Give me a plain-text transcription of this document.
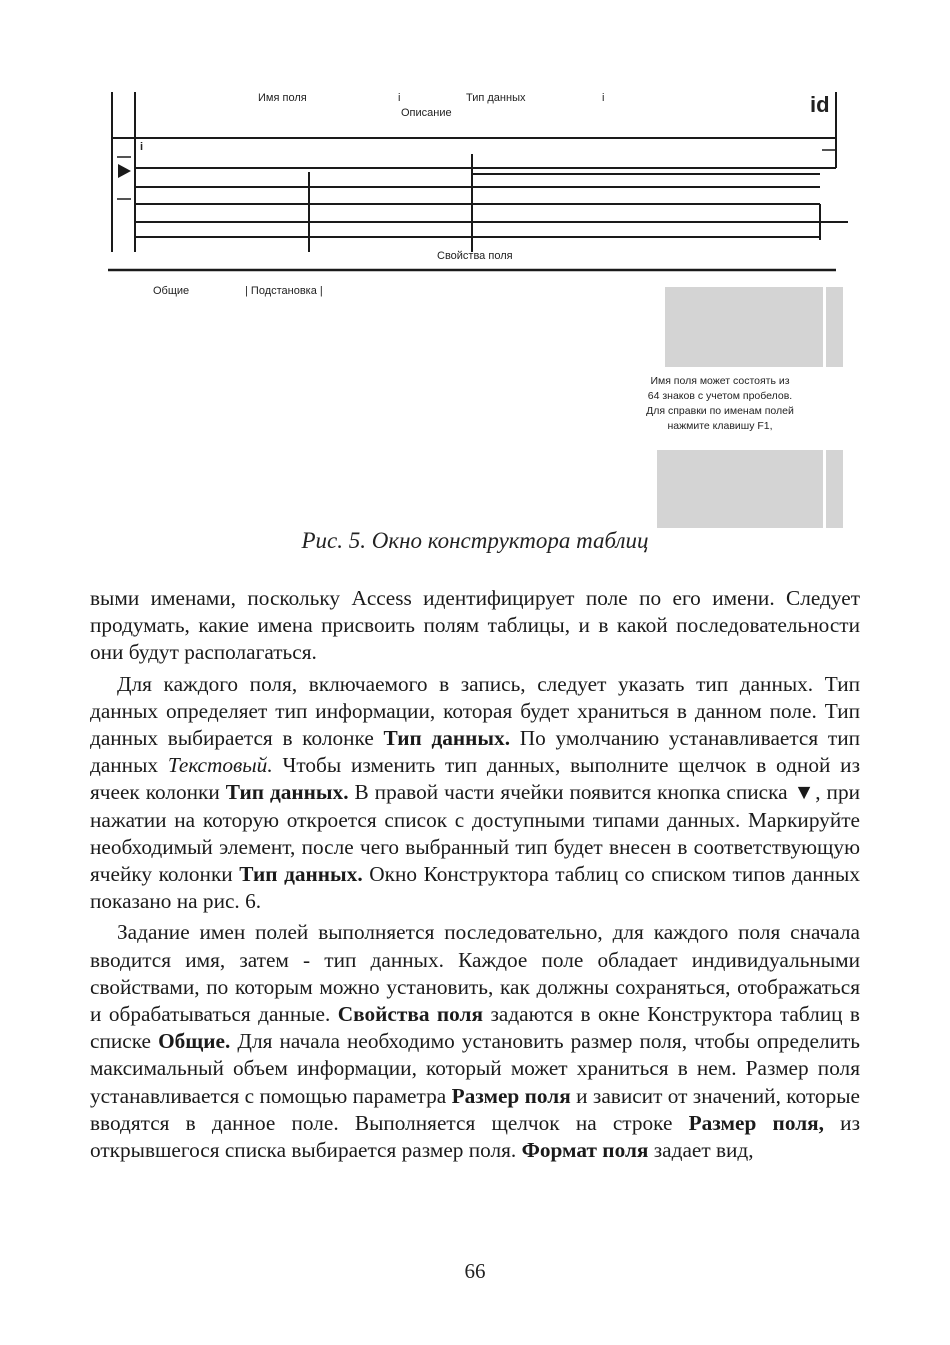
Имя поля	i	Тип данных	i
Описание	id
i
Свойства поля
Общие	| Подстановка |
Имя поля может состоять из
64 знаков с учетом пробелов.
Для справки по именам полей
нажмите клавишу F1,
Рис. 5. Окно конструктора таблиц

выми именами, поскольку Access идентифицирует поле по его имени. Следует продумать, какие имена присвоить полям таблицы, и в какой последовательности они будут располагаться.

Для каждого поля, включаемого в запись, следует указать тип данных. Тип данных определяет тип информации, которая будет храниться в данном поле. Тип данных выбирается в колонке Тип данных. По умолчанию устанавливается тип данных Текстовый. Чтобы изменить тип данных, выполните щелчок в одной из ячеек колонки Тип данных. В правой части ячейки появится кнопка списка ▼, при нажатии на которую откроется список с доступными типами данных. Маркируйте необходимый элемент, после чего выбранный тип будет внесен в соответствующую ячейку колонки Тип данных. Окно Конструктора таблиц со списком типов данных показано на рис. 6.

Задание имен полей выполняется последовательно, для каждого поля сначала вводится имя, затем - тип данных. Каждое поле обладает индивидуальными свойствами, по которым можно установить, как должны сохраняться, отображаться и обрабатываться данные. Свойства поля задаются в окне Конструктора таблиц в списке Общие. Для начала необходимо установить размер поля, чтобы определить максимальный объем информации, который может храниться в нем. Размер поля устанавливается с помощью параметра Размер поля и зависит от значений, которые вводятся в данное поле. Выполняется щелчок на строке Размер поля, из открывшегося списка выбирается размер поля. Формат поля задает вид,

66
